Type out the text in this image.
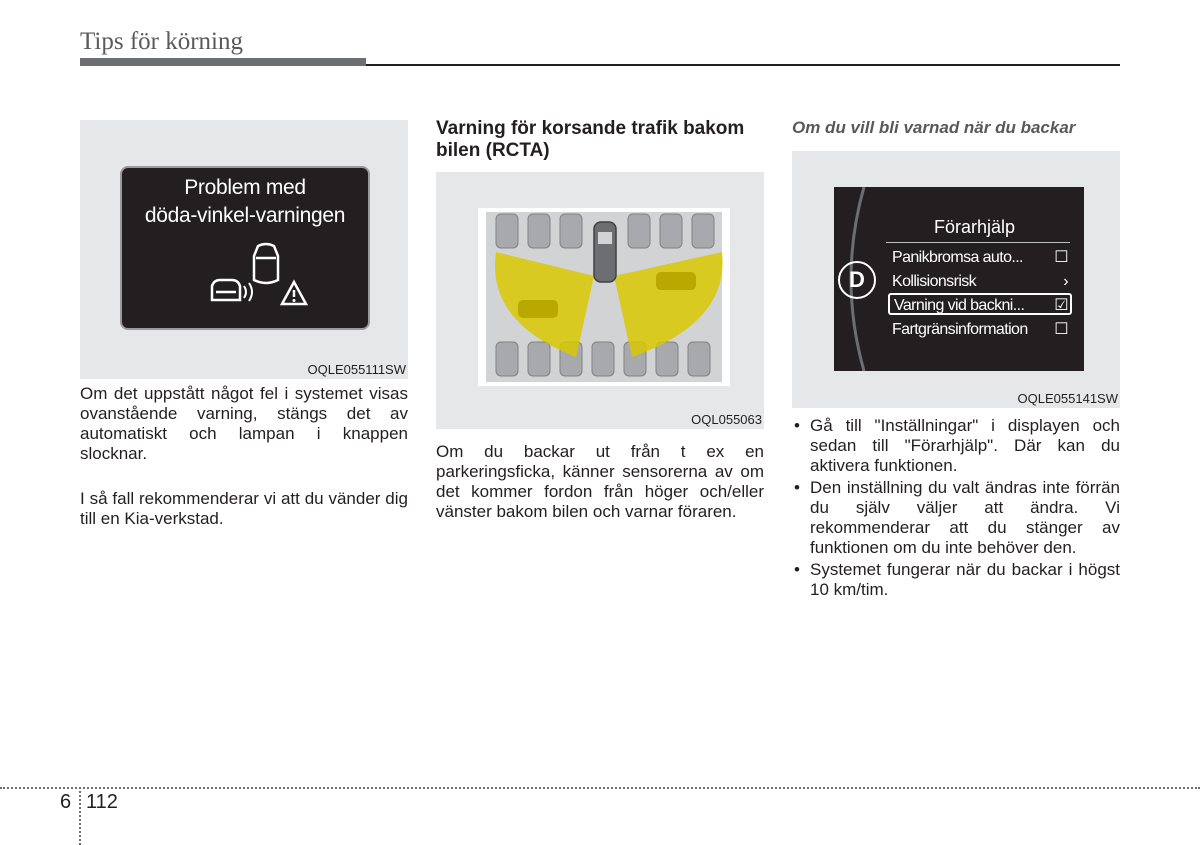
Tips för körning
Problem med
döda-vinkel-varningen
OQLE055111SW
Om det uppstått något fel i systemet visas ovanstående varning, stängs det av automatiskt och lampan i knappen slocknar.
I så fall rekommenderar vi att du vänder dig till en Kia-verkstad.
Varning för korsande trafik bakom bilen (RCTA)
OQL055063
Om du backar ut från t ex en parkeringsficka, känner sensorerna av om det kommer fordon från höger och/eller vänster bakom bilen och varnar föraren.
Om du vill bli varnad när du backar
D
Förarhjälp
Panikbromsa auto... ☐
Kollisionsrisk	›
Varning vid backni... ☑
Fartgränsinformation ☐
OQLE055141SW
• Gå till "Inställningar" i displayen och sedan till "Förarhjälp". Där kan du aktivera funktionen.
• Den inställning du valt ändras inte förrän du själv väljer att ändra. Vi rekommenderar att du stänger av funktionen om du inte behöver den.
• Systemet fungerar när du backar i högst 10 km/tim.
6 112
